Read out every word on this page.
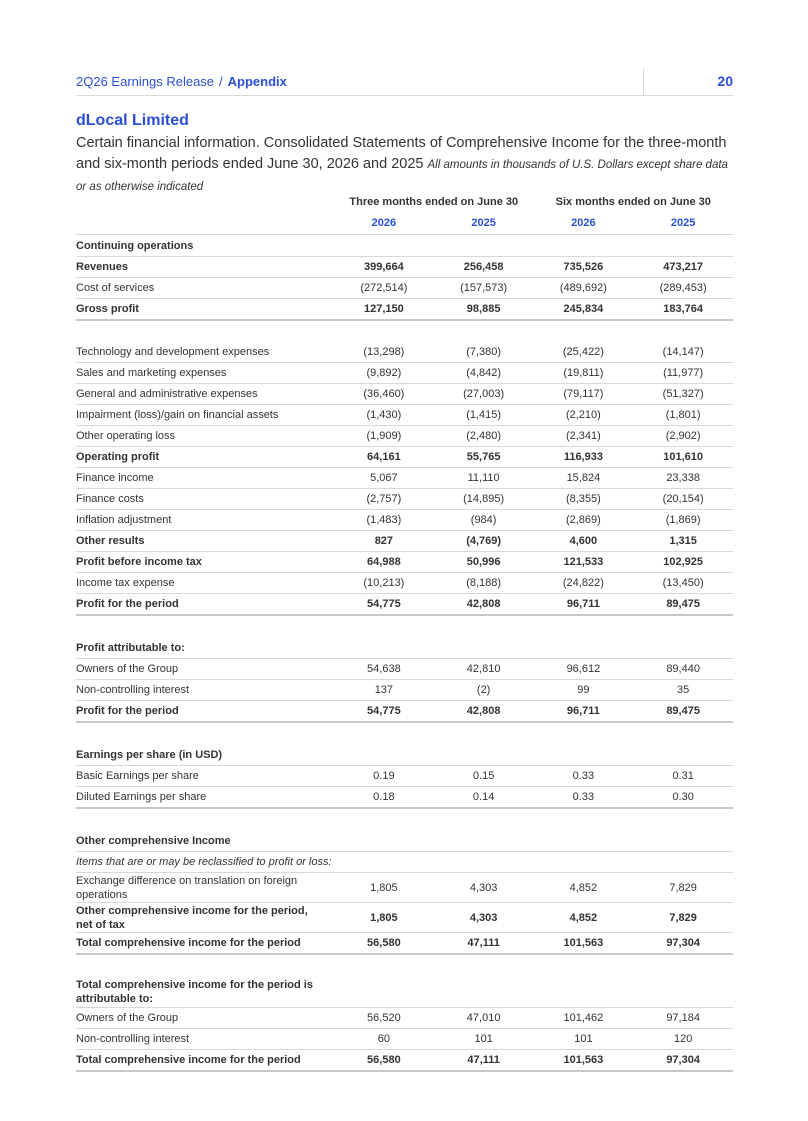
2Q26 Earnings Release / Appendix	20
dLocal Limited
Certain financial information. Consolidated Statements of Comprehensive Income for the three-month and six-month periods ended June 30, 2026 and 2025 All amounts in thousands of U.S. Dollars except share data or as otherwise indicated
	Three months ended on June 30		Six months ended on June 30	
	2026	2025	2026	2025
Continuing operations				
Revenues	399,664	256,458	735,526	473,217
Cost of services	(272,514)	(157,573)	(489,692)	(289,453)
Gross profit	127,150	98,885	245,834	183,764

Technology and development expenses	(13,298)	(7,380)	(25,422)	(14,147)
Sales and marketing expenses	(9,892)	(4,842)	(19,811)	(11,977)
General and administrative expenses	(36,460)	(27,003)	(79,117)	(51,327)
Impairment (loss)/gain on financial assets	(1,430)	(1,415)	(2,210)	(1,801)
Other operating loss	(1,909)	(2,480)	(2,341)	(2,902)
Operating profit	64,161	55,765	116,933	101,610
Finance income	5,067	11,110	15,824	23,338
Finance costs	(2,757)	(14,895)	(8,355)	(20,154)
Inflation adjustment	(1,483)	(984)	(2,869)	(1,869)
Other results	827	(4,769)	4,600	1,315
Profit before income tax	64,988	50,996	121,533	102,925
Income tax expense	(10,213)	(8,188)	(24,822)	(13,450)
Profit for the period	54,775	42,808	96,711	89,475

Profit attributable to:				
Owners of the Group	54,638	42,810	96,612	89,440
Non-controlling interest	137	(2)	99	35
Profit for the period	54,775	42,808	96,711	89,475

Earnings per share (in USD)				
Basic Earnings per share	0.19	0.15	0.33	0.31
Diluted Earnings per share	0.18	0.14	0.33	0.30

Other comprehensive Income				
Items that are or may be reclassified to profit or loss:				
Exchange difference on translation on foreign operations	1,805	4,303	4,852	7,829
Other comprehensive income for the period, net of tax	1,805	4,303	4,852	7,829
Total comprehensive income for the period	56,580	47,111	101,563	97,304

Total comprehensive income for the period is attributable to:				
Owners of the Group	56,520	47,010	101,462	97,184
Non-controlling interest	60	101	101	120
Total comprehensive income for the period	56,580	47,111	101,563	97,304
